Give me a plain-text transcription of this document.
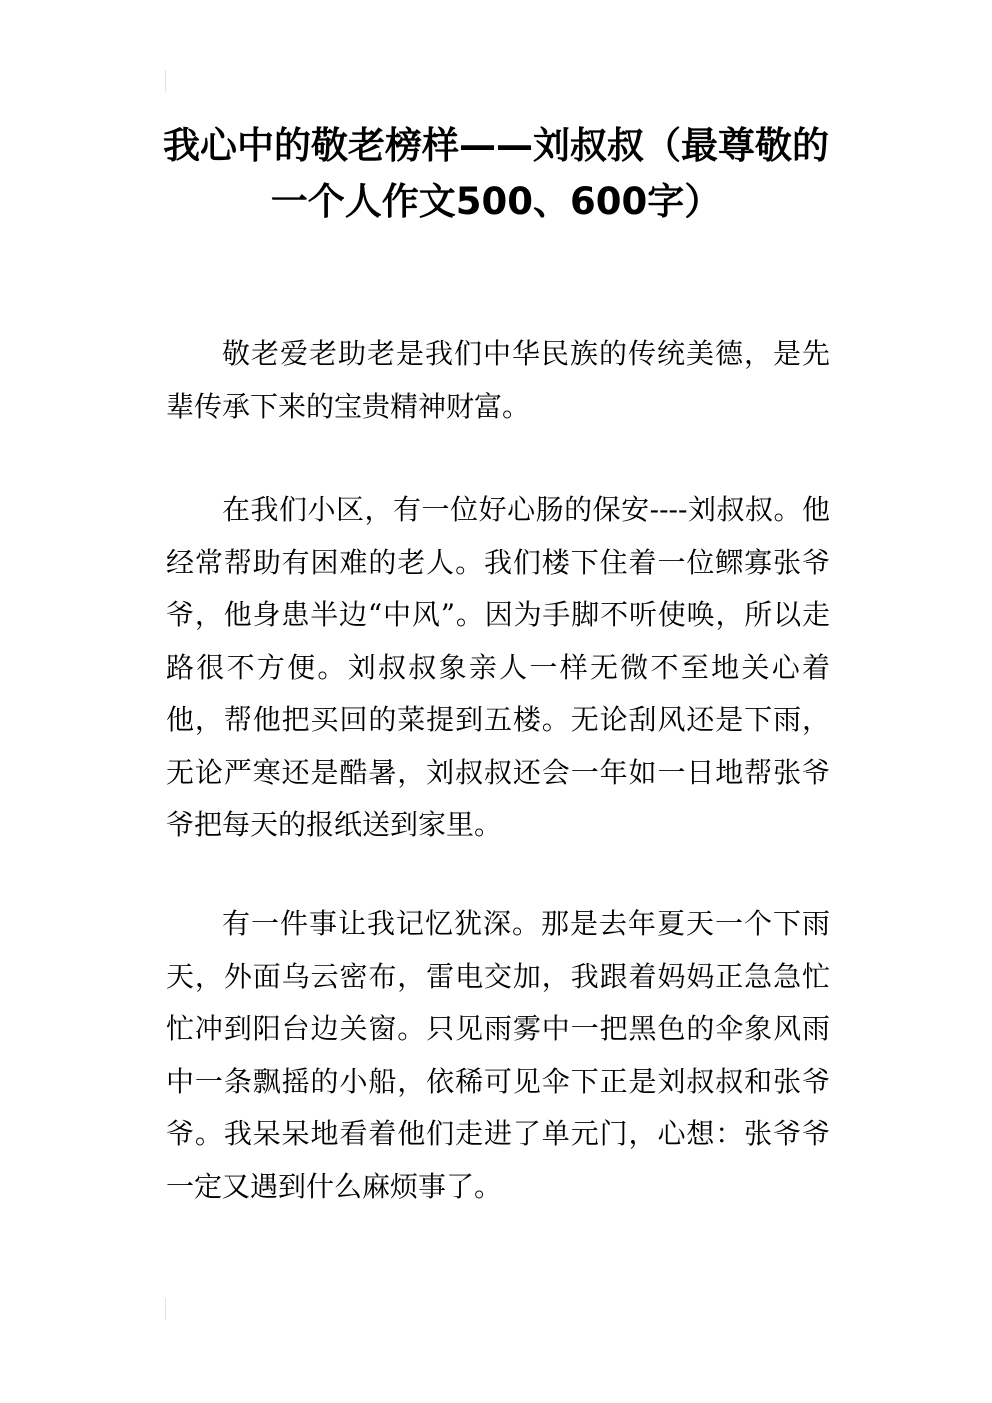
我心中的敬老榜样——刘叔叔（最尊敬的一个人作文500、600字）

敬老爱老助老是我们中华民族的传统美德，是先辈传承下来的宝贵精神财富。

在我们小区，有一位好心肠的保安----刘叔叔。他经常帮助有困难的老人。我们楼下住着一位鳏寡张爷爷，他身患半边“中风”。因为手脚不听使唤，所以走路很不方便。刘叔叔象亲人一样无微不至地关心着他，帮他把买回的菜提到五楼。无论刮风还是下雨，无论严寒还是酷暑，刘叔叔还会一年如一日地帮张爷爷把每天的报纸送到家里。

有一件事让我记忆犹深。那是去年夏天一个下雨天，外面乌云密布，雷电交加，我跟着妈妈正急急忙忙冲到阳台边关窗。只见雨雾中一把黑色的伞象风雨中一条飘摇的小船，依稀可见伞下正是刘叔叔和张爷爷。我呆呆地看着他们走进了单元门，心想：张爷爷一定又遇到什么麻烦事了。
